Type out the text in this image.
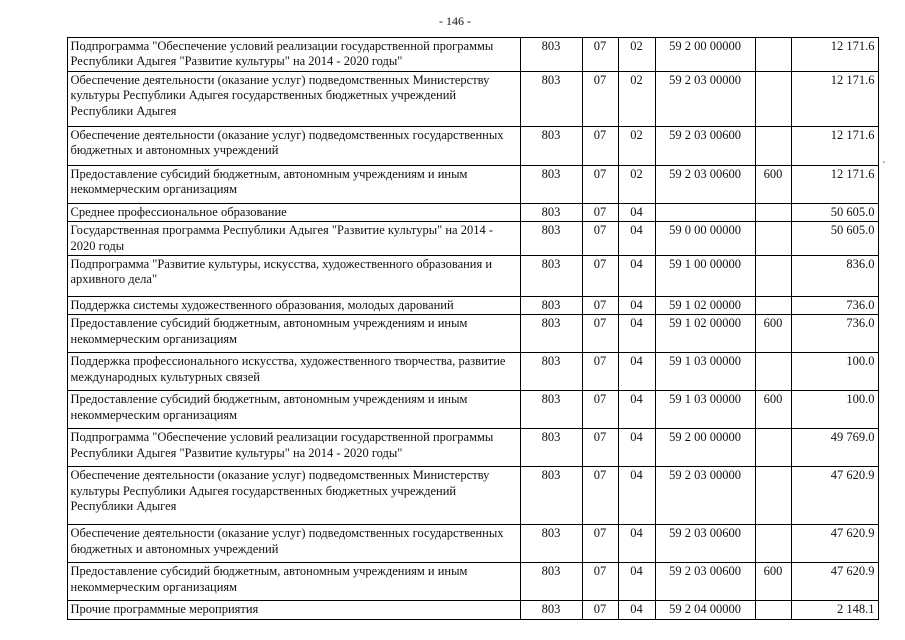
- 146 -
	Подпрограмма "Обеспечение условий реализации государственной программы Республики Адыгея "Развитие культуры" на 2014 - 2020 годы"	803	07	02	59 2 00 00000		12 171.6
	Обеспечение деятельности (оказание услуг) подведомственных Министерству культуры Республики Адыгея государственных бюджетных учреждений Республики Адыгея	803	07	02	59 2 03 00000		12 171.6
	Обеспечение деятельности (оказание услуг) подведомственных государственных бюджетных и автономных учреждений	803	07	02	59 2 03 00600		12 171.6
	Предоставление субсидий бюджетным, автономным учреждениям и иным некоммерческим организациям	803	07	02	59 2 03 00600	600	12 171.6
	Среднее профессиональное образование	803	07	04			50 605.0
	Государственная программа Республики Адыгея "Развитие культуры" на 2014 - 2020 годы	803	07	04	59 0 00 00000		50 605.0
	Подпрограмма "Развитие культуры, искусства, художественного образования и архивного дела"	803	07	04	59 1 00 00000		836.0
	Поддержка системы художественного образования, молодых дарований	803	07	04	59 1 02 00000		736.0
	Предоставление субсидий бюджетным, автономным учреждениям и иным некоммерческим организациям	803	07	04	59 1 02 00000	600	736.0
	Поддержка профессионального искусства, художественного творчества, развитие международных культурных связей	803	07	04	59 1 03 00000		100.0
	Предоставление субсидий бюджетным, автономным учреждениям и иным некоммерческим организациям	803	07	04	59 1 03 00000	600	100.0
	Подпрограмма "Обеспечение условий реализации государственной программы Республики Адыгея "Развитие культуры" на 2014 - 2020 годы"	803	07	04	59 2 00 00000		49 769.0
	Обеспечение деятельности (оказание услуг) подведомственных Министерству культуры Республики Адыгея государственных бюджетных учреждений Республики Адыгея	803	07	04	59 2 03 00000		47 620.9
	Обеспечение деятельности (оказание услуг) подведомственных государственных бюджетных и автономных учреждений	803	07	04	59 2 03 00600		47 620.9
	Предоставление субсидий бюджетным, автономным учреждениям и иным некоммерческим организациям	803	07	04	59 2 03 00600	600	47 620.9
	Прочие программные мероприятия	803	07	04	59 2 04 00000		2 148.1
'
